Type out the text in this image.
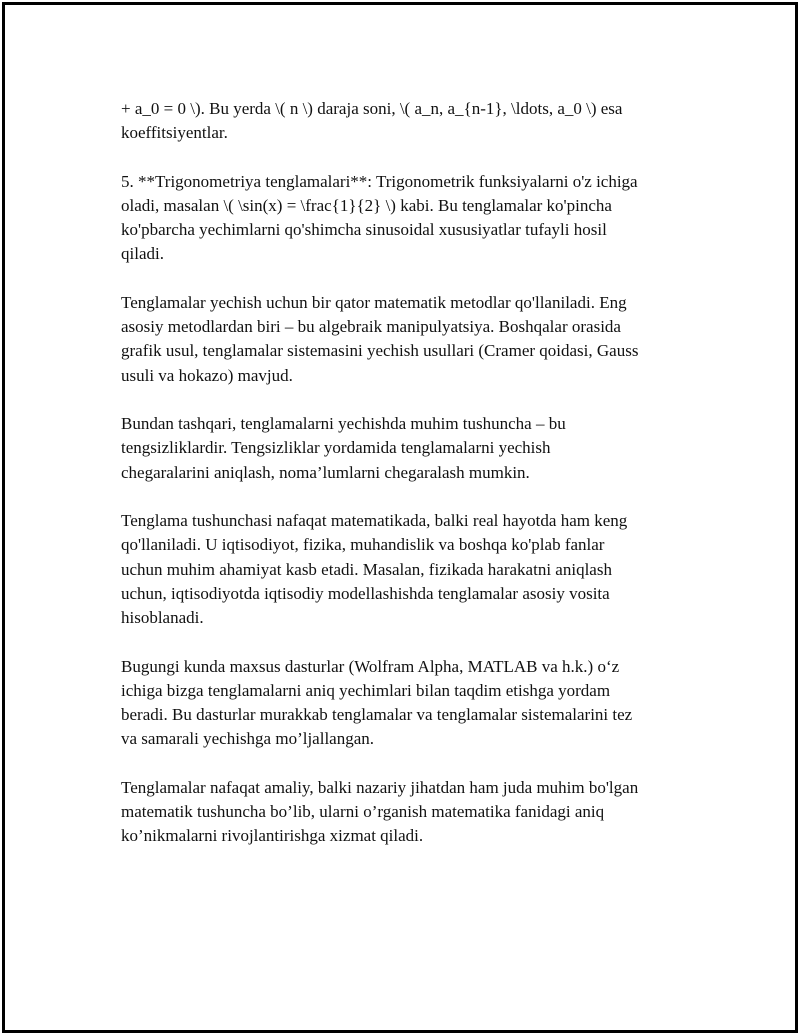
+ a_0 = 0 \). Bu yerda \( n \) daraja soni, \( a_n, a_{n-1}, \ldots, a_0 \) esa
koeffitsiyentlar.

5. **Trigonometriya tenglamalari**: Trigonometrik funksiyalarni o'z ichiga
oladi, masalan \( \sin(x) = \frac{1}{2} \) kabi. Bu tenglamalar ko'pincha
ko'pbarcha yechimlarni qo'shimcha sinusoidal xususiyatlar tufayli hosil
qiladi.

Tenglamalar yechish uchun bir qator matematik metodlar qo'llaniladi. Eng
asosiy metodlardan biri – bu algebraik manipulyatsiya. Boshqalar orasida
grafik usul, tenglamalar sistemasini yechish usullari (Cramer qoidasi, Gauss
usuli va hokazo) mavjud.

Bundan tashqari, tenglamalarni yechishda muhim tushuncha – bu
tengsizliklardir. Tengsizliklar yordamida tenglamalarni yechish
chegaralarini aniqlash, noma’lumlarni chegaralash mumkin.

Tenglama tushunchasi nafaqat matematikada, balki real hayotda ham keng
qo'llaniladi. U iqtisodiyot, fizika, muhandislik va boshqa ko'plab fanlar
uchun muhim ahamiyat kasb etadi. Masalan, fizikada harakatni aniqlash
uchun, iqtisodiyotda iqtisodiy modellashishda tenglamalar asosiy vosita
hisoblanadi.

Bugungi kunda maxsus dasturlar (Wolfram Alpha, MATLAB va h.k.) o‘z
ichiga bizga tenglamalarni aniq yechimlari bilan taqdim etishga yordam
beradi. Bu dasturlar murakkab tenglamalar va tenglamalar sistemalarini tez
va samarali yechishga mo’ljallangan.

Tenglamalar nafaqat amaliy, balki nazariy jihatdan ham juda muhim bo'lgan
matematik tushuncha bo’lib, ularni o’rganish matematika fanidagi aniq
ko’nikmalarni rivojlantirishga xizmat qiladi.
